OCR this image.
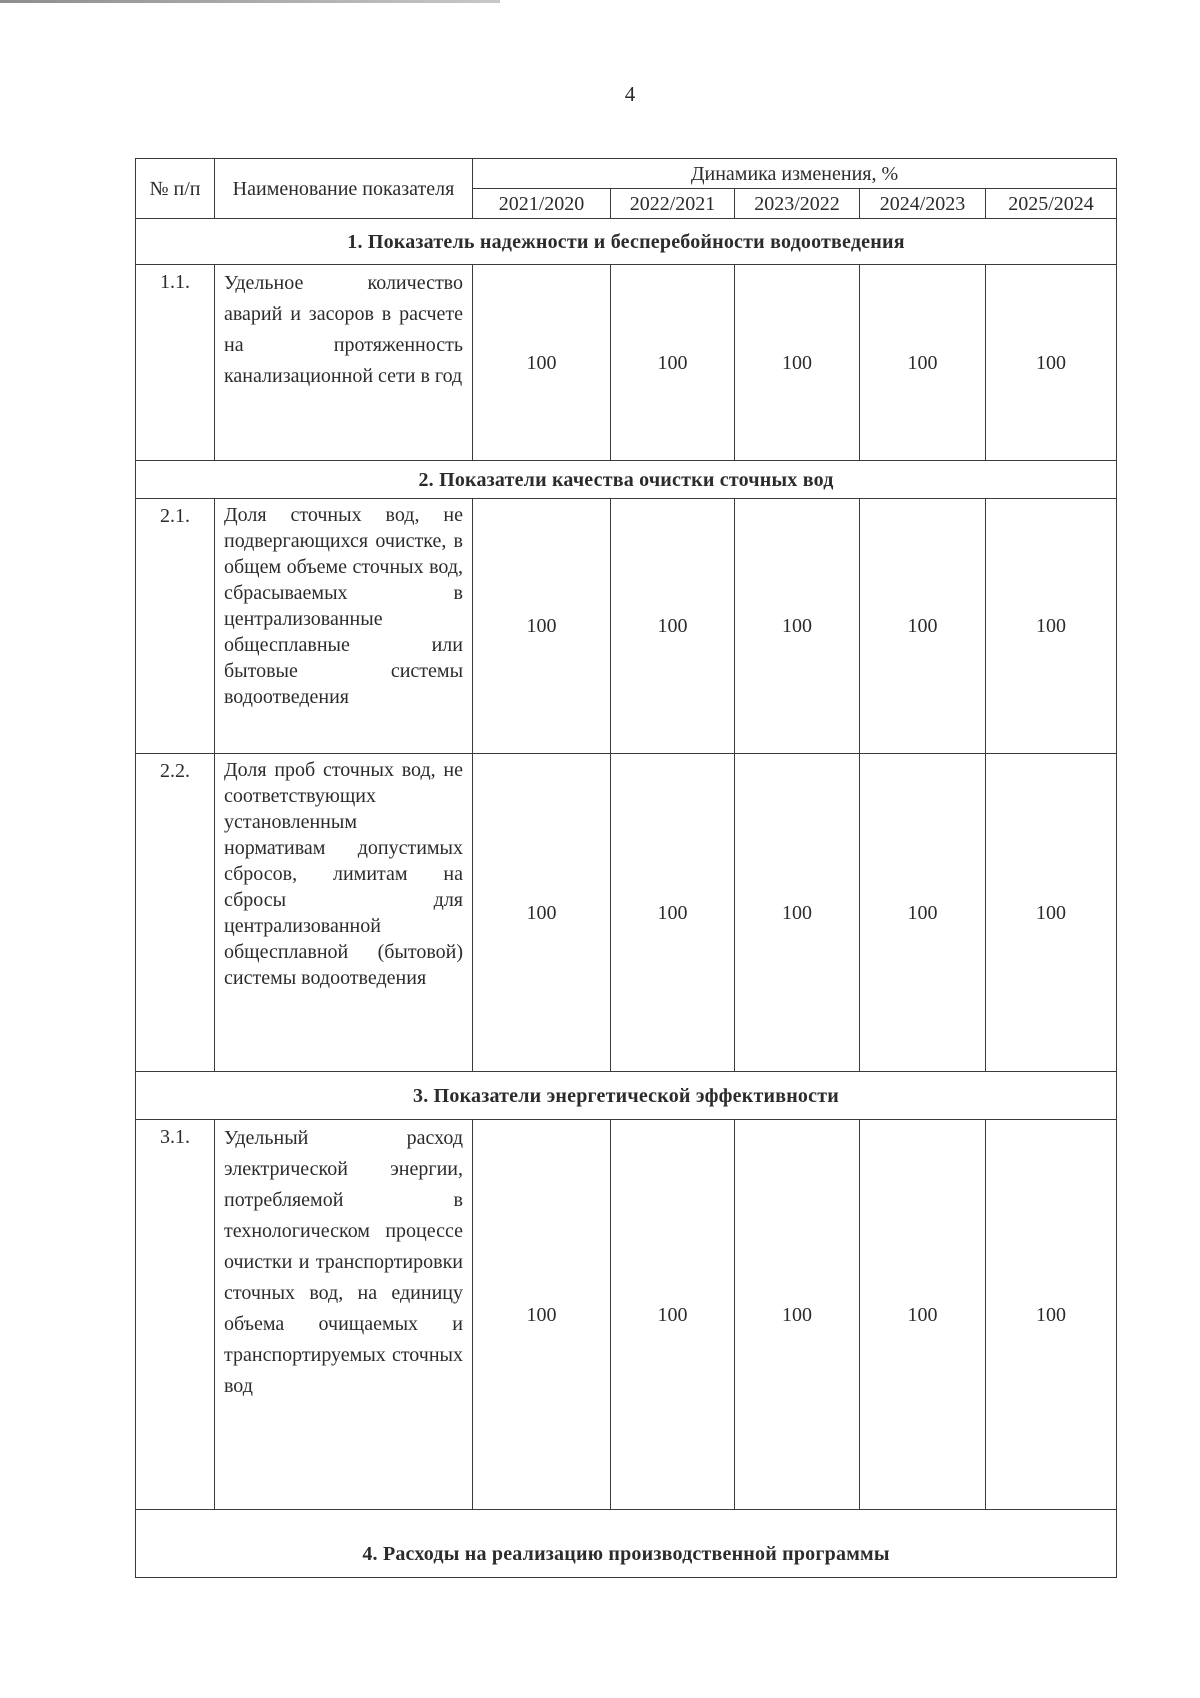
4
№ п/п	Наименование показателя	Динамика изменения, %				
		2021/2020	2022/2021	2023/2022	2024/2023	2025/2024
1. Показатель надежности и бесперебойности водоотведения						
1.1.	Удельное количество аварий и засоров в расчете на протяженность канализационной сети в год	100	100	100	100	100
2. Показатели качества очистки сточных вод						
2.1.	Доля сточных вод, не подвергающихся очистке, в общем объеме сточных вод, сбрасываемых в централизованные общесплавные или бытовые системы водоотведения	100	100	100	100	100
2.2.	Доля проб сточных вод, не соответствующих установленным нормативам допустимых сбросов, лимитам на сбросы для централизованной общесплавной (бытовой) системы водоотведения	100	100	100	100	100
3. Показатели энергетической эффективности						
3.1.	Удельный расход электрической энергии, потребляемой в технологическом процессе очистки и транспортировки сточных вод, на единицу объема очищаемых и транспортируемых сточных вод	100	100	100	100	100
4. Расходы на реализацию производственной программы						
